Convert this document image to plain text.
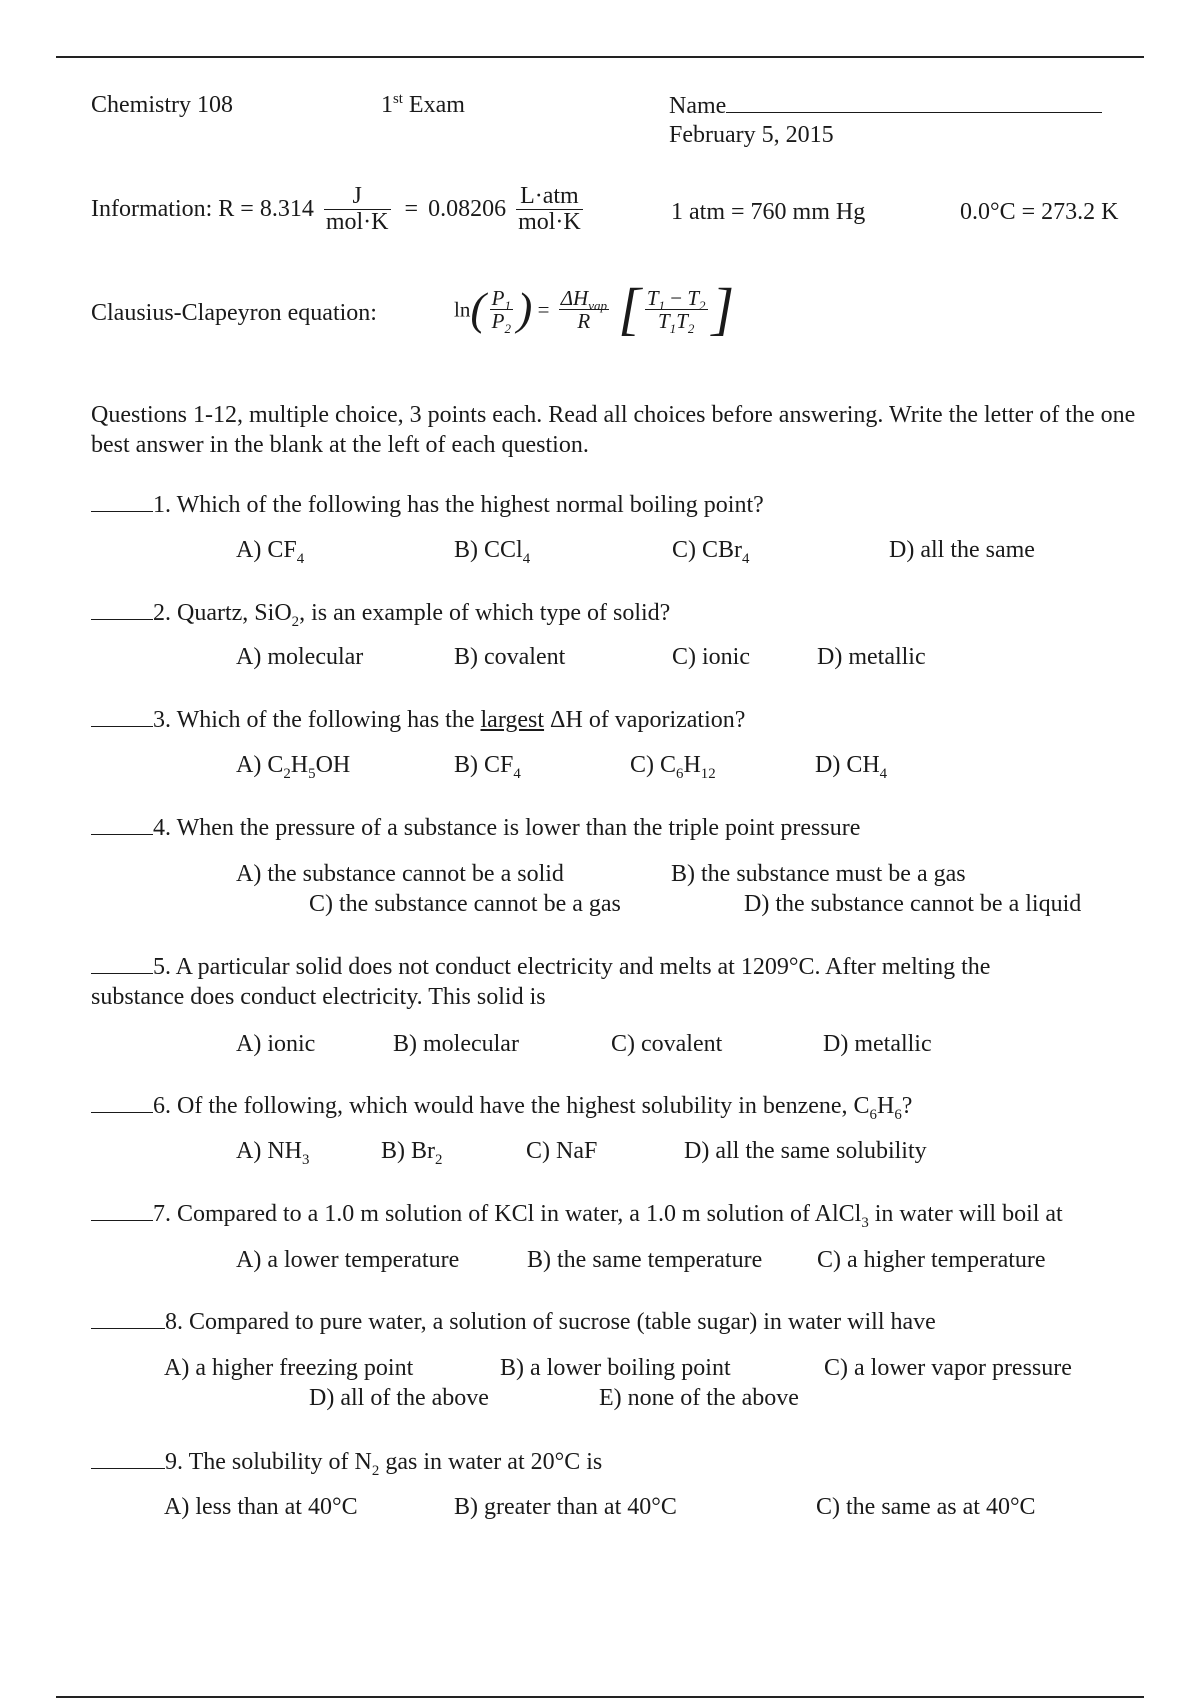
Chemistry 108	1st Exam	Name
February 5, 2015
Information: $R = 8.314 \frac{J}{\text{mol·K}} = 0.08206 \frac{\text{L·atm}}{\text{mol·K}}$	1 atm = 760 mm Hg	0.0°C = 273.2 K
Clausius-Clapeyron equation:	$\ln( \frac{P_1}{P_2}$ ) = $\frac{\Delta H_{vap}}{R}$ [ $\frac{T_1 - T_2}{T_1T_2}$ ]
Questions 1-12, multiple choice, 3 points each. Read all choices before answering. Write the letter of the one best answer in the blank at the left of each question.
1. Which of the following has the highest normal boiling point?
A) $CF_4$	B) CCl$_4$	C) CBr$_4$	D) all the same
2. Quartz, SiO$_2$, is an example of which type of solid?
A) molecular	B) covalent	C) ionic	D) metallic
3. Which of the following has the largest ΔH of vaporization?
A) $C_2H_5OH$	B) $CF_4$	C) $C_6H_{12}$	D) $CH_4$
4. When the pressure of a substance is lower than the triple point pressure
A) the substance cannot be a solid	B) the substance must be a gas
C) the substance cannot be a gas	D) the substance cannot be a liquid
5. A particular solid does not conduct electricity and melts at 1209°C. After melting the
substance does conduct electricity. This solid is
A) ionic	B) molecular	C) covalent	D) metallic
6. Of the following, which would have the highest solubility in benzene, $C_6H_6$?
A) $NH_3$	B) $Br_2$	C) NaF	D) all the same solubility
7. Compared to a 1.0 m solution of KCl in water, a 1.0 m solution of AlCl$_3$ in water will boil at
A) a lower temperature	B) the same temperature C) a higher temperature
8. Compared to pure water, a solution of sucrose (table sugar) in water will have
A) a higher freezing point	B) a lower boiling point	C) a lower vapor pressure
D) all of the above	E) none of the above
9. The solubility of $N_2$ gas in water at 20°C is
A) less than at 40°C	B) greater than at 40°C	C) the same as at 40°C
